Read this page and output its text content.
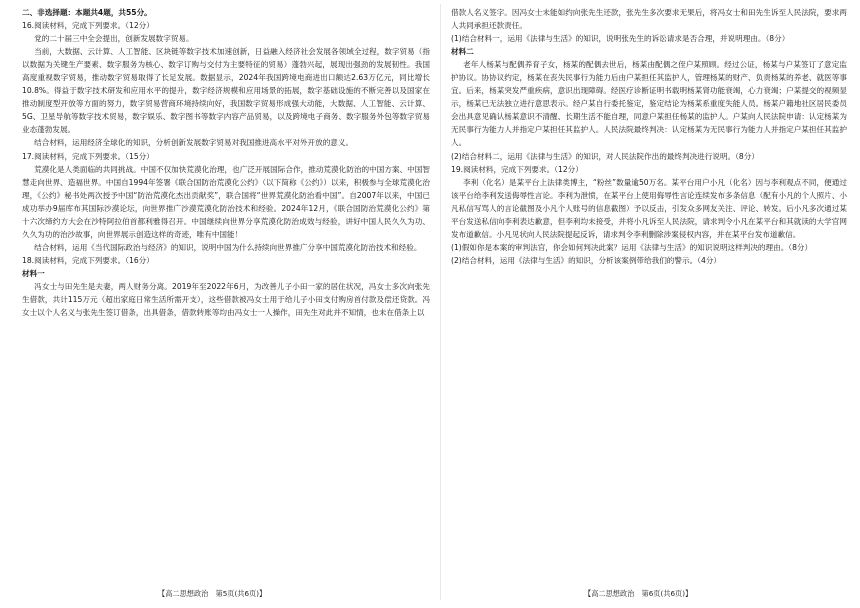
二、非选择题：本题共4题，共55分。

16.阅读材料，完成下列要求。（12分）

党的二十届三中全会提出，创新发展数字贸易。

当前，大数据、云计算、人工智能、区块链等数字技术加速创新，日益融入经济社会发展各领域全过程，数字贸易（指以数据为关键生产要素、数字服务为核心、数字订购与交付为主要特征的贸易）蓬勃兴起，展现出强劲的发展韧性。我国高度重视数字贸易，推动数字贸易取得了长足发展。数据显示，2024年我国跨境电商进出口额达2.63万亿元，同比增长10.8%。得益于数字技术研发和应用水平的提升，数字经济规模和应用场景的拓展，数字基础设施的不断完善以及国家在推动制度型开放等方面的努力，数字贸易营商环境持续向好，我国数字贸易形成强大动能，大数据、人工智能、云计算、5G、卫星导航等数字技术贸易，数字娱乐、数字图书等数字内容产品贸易，以及跨境电子商务、数字服务外包等数字贸易业态蓬勃发展。

结合材料，运用经济全球化的知识，分析创新发展数字贸易对我国推进高水平对外开放的意义。

17.阅读材料，完成下列要求。（15分）

荒漠化是人类面临的共同挑战。中国不仅加快荒漠化治理，也广泛开展国际合作，推动荒漠化防治的中国方案、中国智慧走向世界、造福世界。中国自1994年签署《联合国防治荒漠化公约》（以下简称《公约》）以来，积极参与全球荒漠化治理，《公约》秘书处两次授予中国“防治荒漠化杰出贡献奖”，联合国将“世界荒漠化防治看中国”。自2007年以来，中国已成功举办9届库布其国际沙漠论坛，向世界推广沙漠荒漠化防治技术和经验。2024年12月，《联合国防治荒漠化公约》第十六次缔约方大会在沙特阿拉伯首都利雅得召开。中国继续向世界分享荒漠化防治成效与经验，讲好中国人民久久为功、久久为功的治沙故事，向世界展示创造这样的奇迹，唯有中国能！

结合材料，运用《当代国际政治与经济》的知识，说明中国为什么持续向世界推广分享中国荒漠化防治技术和经验。

18.阅读材料，完成下列要求。（16分）

材料一

冯女士与田先生是夫妻，两人财务分离。2019年至2022年6月，为改善儿子小田一家的居住状况，冯女士多次向张先生借款，共计115万元（超出家庭日常生活所需开支），这些借款被冯女士用于给儿子小田支付购房首付款及偿还贷款。冯女士以个人名义与张先生签订借条，出具借条，借款转账等均由冯女士一人操作，田先生对此并不知情，也未在借条上以

借款人名义签字。因冯女士未能如约向张先生还款，张先生多次要求无果后，将冯女士和田先生诉至人民法院，要求两人共同承担还款责任。

(1)结合材料一，运用《法律与生活》的知识，说明张先生的诉讼请求是否合理，并说明理由。（8分）

材料二

老年人杨某与配偶养育子女，杨某的配偶去世后，杨某由配偶之侄户某照顾。经过公证，杨某与户某签订了意定监护协议。协协议约定，杨某在丧失民事行为能力后由户某担任其监护人，管理杨某的财产、负责杨某的养老、就医等事宜。后来，杨某突发严重疾病，意识出现障碍。经医疗诊断证明书载明杨某肾功能衰竭，心力衰竭；户某提交的视频显示，杨某已无法独立进行意思表示。经户某自行委托鉴定，鉴定结论为杨某系重度失能人员。杨某户籍地社区居民委员会出具意见确认杨某意识不清醒、长期生活不能自理，同意户某担任杨某的监护人。户某向人民法院申请：认定杨某为无民事行为能力人并指定户某担任其监护人。人民法院最终判决：认定杨某为无民事行为能力人并指定户某担任其监护人。

(2)结合材料二，运用《法律与生活》的知识，对人民法院作出的最终判决进行说明。（8分）

19.阅读材料，完成下列要求。（12分）

李利（化名）是某平台上法律类博主，“粉丝”数量逾50万名。某平台用户小凡（化名）因与李利观点不同，便通过该平台给李利发送侮辱性言论。李利为泄愤，在某平台上使用侮辱性言论连续发布多条信息（配有小凡的个人照片、小凡私信写骂人的言论截图及小凡个人账号的信息截图）予以反击，引发众多网友关注、评论、转发。后小凡多次通过某平台发送私信向李利表达歉意，但李利均未接受，并将小凡诉至人民法院，请求判令小凡在某平台和其就读的大学官网发布道歉信。小凡见状向人民法院提起反诉，请求判令李利删除涉案侵权内容，并在某平台发布道歉信。

(1)假如你是本案的审判法官，你会如何判决此案？运用《法律与生活》的知识说明这样判决的理由。（8分）

(2)结合材料，运用《法律与生活》的知识，分析该案例带给我们的警示。（4分）

【高二思想政治　第5页(共6页)】	【高二思想政治　第6页(共6页)】
